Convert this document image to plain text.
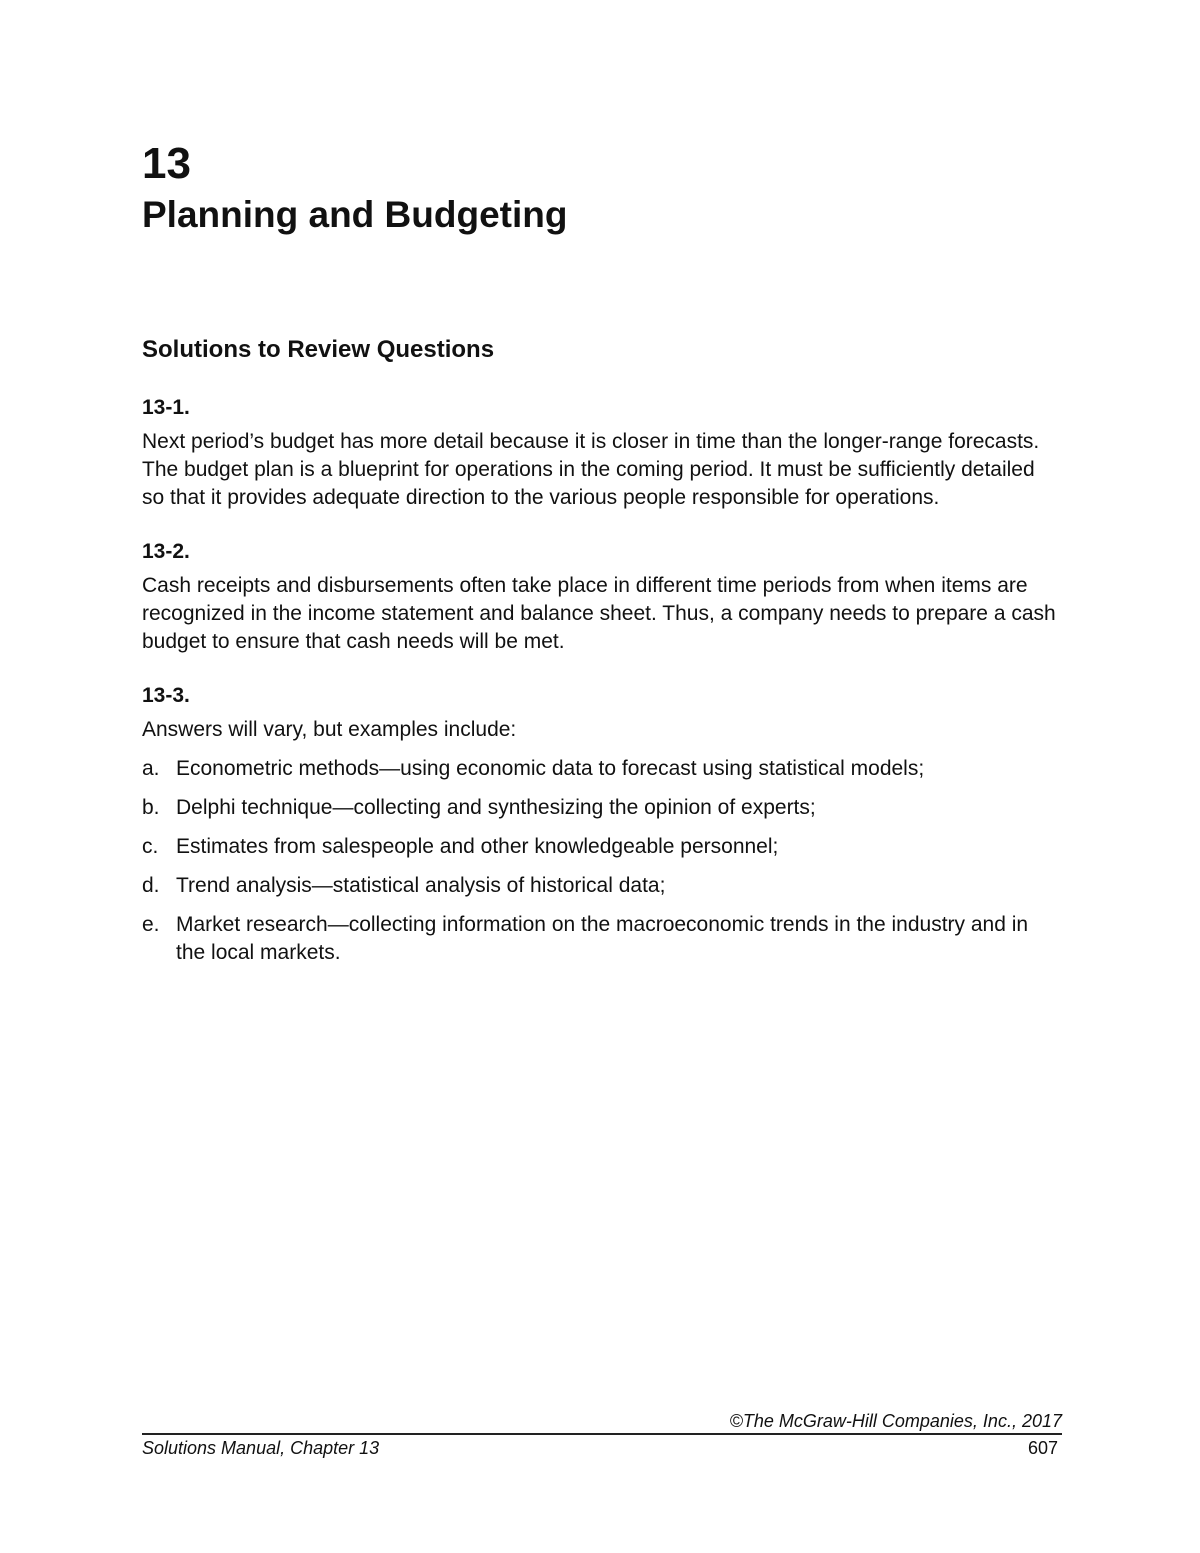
13
Planning and Budgeting
Solutions to Review Questions

13-1.

Next period’s budget has more detail because it is closer in time than the longer-range forecasts. The budget plan is a blueprint for operations in the coming period. It must be sufficiently detailed so that it provides adequate direction to the various people responsible for operations.

13-2.

Cash receipts and disbursements often take place in different time periods from when items are recognized in the income statement and balance sheet. Thus, a company needs to prepare a cash budget to ensure that cash needs will be met.

13-3.

Answers will vary, but examples include:

a. Econometric methods—using economic data to forecast using statistical models;
b. Delphi technique—collecting and synthesizing the opinion of experts;
c. Estimates from salespeople and other knowledgeable personnel;
d. Trend analysis—statistical analysis of historical data;
e. Market research—collecting information on the macroeconomic trends in the industry and in the local markets.
©The McGraw-Hill Companies, Inc., 2017
Solutions Manual, Chapter 13	607
